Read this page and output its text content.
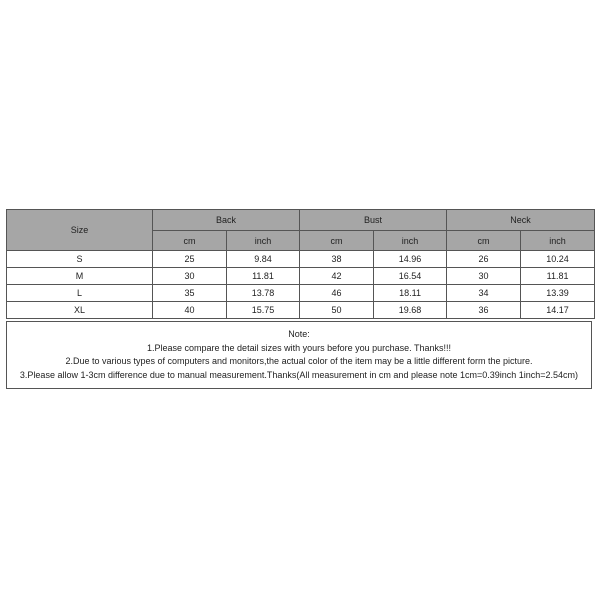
Size	Back		Bust		Neck	
	cm	inch	cm	inch	cm	inch
S	25	9.84	38	14.96	26	10.24
M	30	11.81	42	16.54	30	11.81
L	35	13.78	46	18.11	34	13.39
XL	40	15.75	50	19.68	36	14.17
Note:
1.Please compare the detail sizes with yours before you purchase. Thanks!!!
2.Due to various types of computers and monitors,the actual color of the item may be a little different form the picture.
3.Please allow 1-3cm difference due to manual measurement.Thanks(All measurement in cm and please note 1cm=0.39inch 1inch=2.54cm)
